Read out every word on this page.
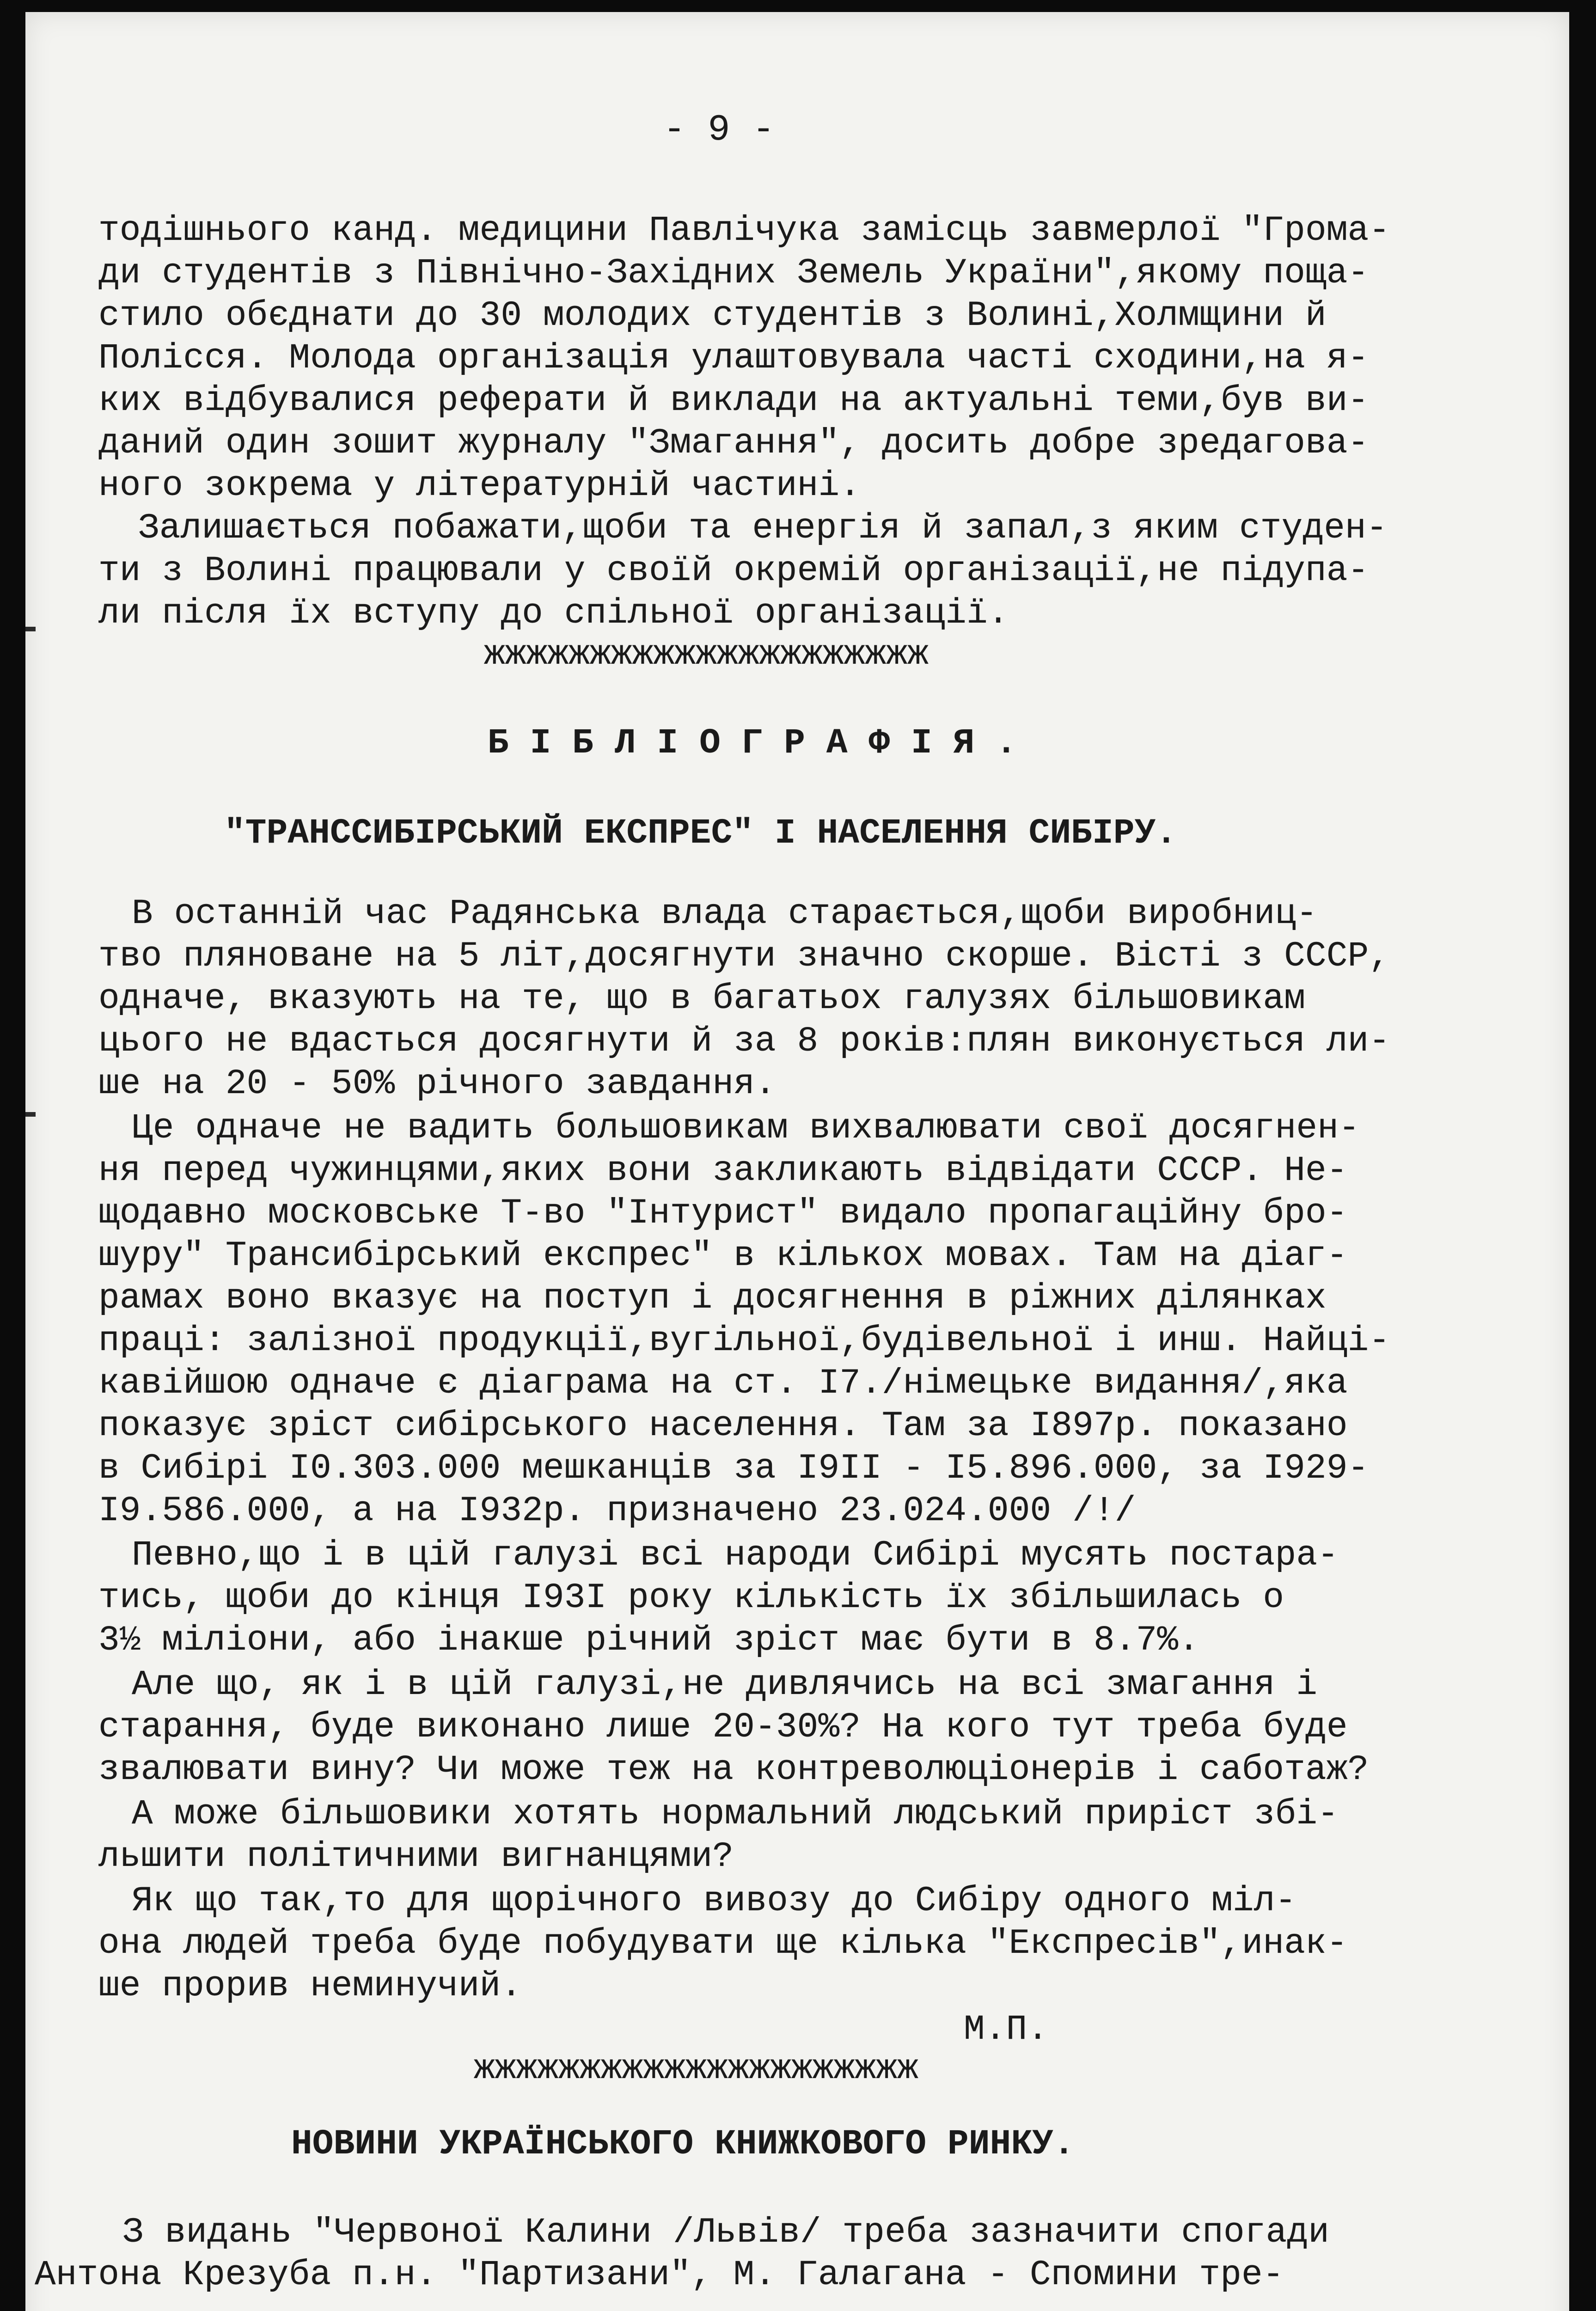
- 9 -

тодішнього канд. медицини Павлічука замісць завмерлої "Грома-

ди студентів з Північно-Західних Земель України",якому поща-

стило обєднати до 30 молодих студентів з Волині,Холмщини й

Полісся. Молода організація улаштовувала часті сходини,на я-

ких відбувалися реферати й виклади на актуальні теми,був ви-

даний один зошит журналу "Змагання", досить добре зредагова-

ного зокрема у літературній частині.

Залишається побажати,щоби та енергія й запал,з яким студен-

ти з Волині працювали у своїй окремій організації,не підупа-

ли після їх вступу до спільної організації.

жжжжжжжжжжжжжжжжжжжжж

Б І Б Л І О Г Р А Ф І Я .

"ТРАНССИБІРСЬКИЙ ЕКСПРЕС" І НАСЕЛЕННЯ СИБІРУ.

В останній час Радянська влада старається,щоби виробниц-

тво пляноване на 5 літ,досягнути значно скорше. Вісті з СССР,

одначе, вказують на те, що в багатьох галузях більшовикам

цього не вдасться досягнути й за 8 років:плян виконується ли-

ше на 20 - 50% річного завдання.

Це одначе не вадить большовикам вихвалювати свої досягнен-

ня перед чужинцями,яких вони закликають відвідати СССР. Не-

щодавно московське Т-во "Інтурист" видало пропагаційну бро-

шуру" Трансибірський експрес" в кількох мовах. Там на діаг-

рамах воно вказує на поступ і досягнення в ріжних ділянках

праці: залізної продукції,вугільної,будівельної і инш. Найці-

кавійшою одначе є діаграма на ст. І7./німецьке видання/,яка

показує зріст сибірського населення. Там за І897р. показано

в Сибірі І0.303.000 мешканців за І9ІІ - І5.896.000, за І929-

І9.586.000, а на І932р. призначено 23.024.000 /!/

Певно,що і в цій галузі всі народи Сибірі мусять постара-

тись, щоби до кінця І93І року кількість їх збільшилась о

3½ міліони, або інакше річний зріст має бути в 8.7%.

Але що, як і в цій галузі,не дивлячись на всі змагання і

старання, буде виконано лише 20-30%? На кого тут треба буде

звалювати вину? Чи може теж на контреволюціонерів і саботаж?

А може більшовики хотять нормальний людський приріст збі-

льшити політичними вигнанцями?

Як що так,то для щорічного вивозу до Сибіру одного міл-

она людей треба буде побудувати ще кілька "Експресів",инак-

ше прорив неминучий.

М.П.

жжжжжжжжжжжжжжжжжжжжж

НОВИНИ УКРАЇНСЬКОГО КНИЖКОВОГО РИНКУ.

З видань "Червоної Калини /Львів/ треба зазначити спогади

Антона Крезуба п.н. "Партизани", М. Галагана - Спомини тре-
